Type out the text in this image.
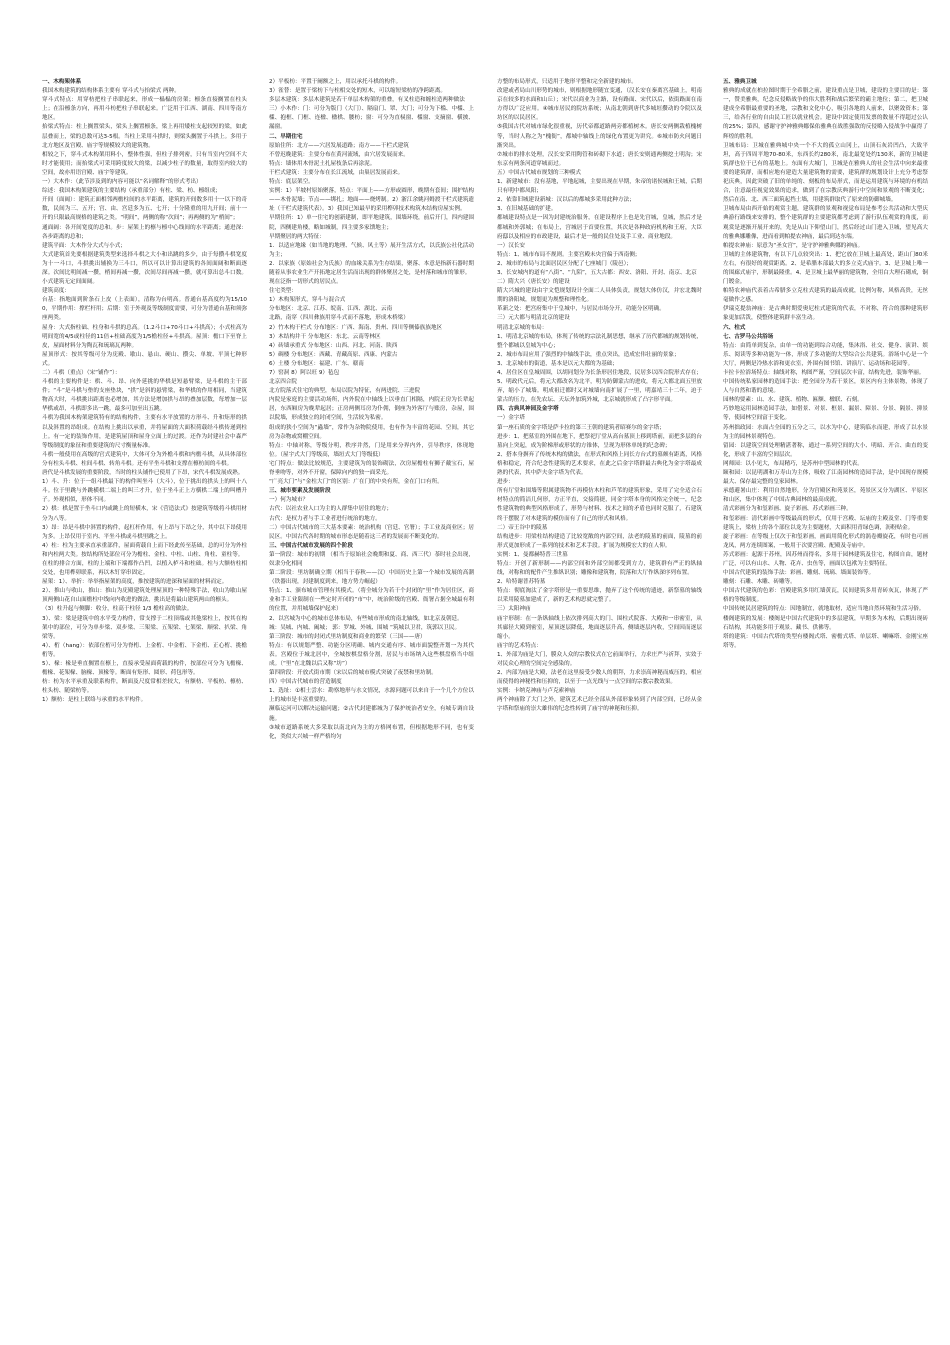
一、木构架体系

我国木构建筑的结构体系主要有 穿斗式与抬梁式 两种。

穿斗式特点：用穿枋把柱子串联起来，形成一榀榀的房架；檩条直接搁置在柱头上；在沿檩条方向，再用斗枋把柱子串联起来。广泛用于江西、湖南、四川等南方地区。

抬梁式特点：柱上搁置梁头，梁头上搁置檩条，梁上再用矮柱支起较短的梁，如此层叠而上，梁的总数可达3-5根。当柱上采用斗拱时，则梁头搁置于斗拱上。多用于北方地区及宫殿、庙宇等规模较大的建筑物。

相较之下，穿斗式木构架用料小，整体性强，但柱子排列密，只有当室内空间不大时才能使用；而抬梁式可采用跨度较大的梁，以减少柱子的数量，取得室内较大的空间，故亦用语宫殿、庙宇等建筑。

一）大木作：（此节涉及到的内容可能以“名词解释”的形式考出）

综述：我国木构架建筑的主要结构（承重部分）有柱、梁、枋、檩组成；

开间（面阔）：建筑正面相邻两檐柱间的水平距离，建筑的开间数多用十一以下的奇数，民间为三、五开；宫、由、宫廷多为五、七开；十分隆重的用九开间；前十一开的只限最高规格的建筑之类。“明间”，两侧的称“次间”；再两侧的为“梢间”；

通面阔：各开间宽度的总和。步：屋架上的檩与檩中心线间的水平距离；通进深：各步距离的总和；

建筑平面：大木作分大式与小式；

大式建筑首先要根据建筑类型来选择斗栱之大小和出跳的多少，由于每攒斗栱宽度为十一斗口，斗拱挑出辅换为三斗口，所以可以计算出建筑的各间面阔和断面逐深。次间比明间减一攒，梢间再减一攒，次间尽间再减一攒，就可算出总斗口数。小式建筑无定间面阔。

建筑高度：

台基：指地面到阶条石上皮（上表面），清称为台明高。普通台基高度约为15/100，平期作用：撑栏杆用；后期：室于外观及等级制度需要，可分为普通台基和须弥座两类。

屋身：大式指柱础、柱身和斗拱的总高。（1.2斗口+70斗口+斗拱高）；小式柱高为明间宽的4/5或柱径的11倍+柱础高度为1/5檐柱径+斗拱高。屋顶：檐口下至脊上皮，屋面材料分为陶瓦和琉璃瓦两种。

屋顶形式：按其等级可分为庑殿、歇山、悬山、硬山、攒尖、单坡、平顶七种形式。

二）斗栱（重点）（宋“铺作”）：

斗栱的主要构件是：栱、斗、昂、向外延挑的华栱是短悬臂梁，是斗栱的主干部件；“斗”是斗栱与垫的支座垫块，“拱”是斜的悬臂梁，和华栱的作用相同，当建筑物高大时，斗栱挑出距离也必增加，其方法是增加拱与昂的叠加层数，每增加一层华栱或昂，斗栱即多出一跳，最多可加至出五跳。

斗栱为我国木构架建筑特有的结构构件，主要有水平放置的方形斗、升和矩形的拱以及斜置的昂组成。在结构上挑出以承重，并将屋面的大面积荷载经斗栱传递到柱上。有一定的装饰作用，是建筑屋顶和屋身立面上的过渡。还作为封建社会中森严等级制度的象征和重要建筑的尺寸衡量标准。

斗栱一般使用在高级的官式建筑中，大体可分为外檐斗栱和内檐斗栱，从具体部位分有柱头斗栱、柱间斗栱、转角斗栱。还有平坐斗栱和支撑在檩枋间的斗栱。

唐代是斗栱发展的重要阶段，当时的柱头铺作已使用了下昂，宋代斗栱发展成熟。

1）斗、升：位于一组斗栱最下的构件叫坐斗（大斗），位于挑出的拱头上的叫十八斗。位于里跳与外跳横栱二端上的叫三才升，位于坐斗正上方横栱二端上的叫槽升子。外观相似，形体不同。

2）栱：栱是置于坐斗口内或跳上的短横木，宋《营造法式》按建筑等级将斗栱用材分为八等。

3）昂：昂是斗栱中斜置的构件，起杠杆作用，有上昂与下昂之分，其中以下昂使用为多。上昂仅用于室内、平坐斗栱或斗栱里跳之上。

4）柱：柱为主要承直承重部件，屋面荷载自上而下经此传至基础，总的可分为外柱和内柱两大类。按结构所处部位可分为檐柱、金柱、中柱、山柱、角柱、童柱等。

在柱的排合方面，柱的上端和下端都作凸凹，以植入栌斗和柱础。柱与大额枋柱相交处，也用榫卯联系，再以木钉穿串固定。

屋架：1）、举折：举举指屋架的高度，推按建筑的进深和屋面的材料而定。

2）、推山与收山，推山：推山为庑殿建筑处理屋顶的一种特殊手法，收山为歇山屋顶两侧山花自山面檐柱中线向内收进的做法，挑出是将最山建筑两山的檩头。

（3）柱升起与侧脚：收分，柱高于柱径 1/3 檐柱高的做法。

3）、梁：梁是建筑中的水平受力构件，常支撑于二柱顶端或其他梁柱上，按其在构架中的部位，可分为单步梁、双步梁、三架梁、五架梁、七架梁、顺梁、扒梁、角梁等。

4）、桁（hang）：依部位桁可分为脊桁、上金桁、中金桁、下金桁、正心桁、挑檐桁等。

5）、椽：椽是垂直搁置在檩上，直接承受屋面荷载的构件，按部位可分为飞檐椽、檐椽、花架椽、脑椽、顶椽等。断面有矩形、圆形、荷包形等。

枋：枋为水平承重及联系构件，断面及尺度常相差较大，有额枋、平板枋、檩枋、柱头枋、随梁枋等。

1）额枋：是柱上联络与承重的水平构件。

2）平板枋：平置于阑额之上，用以承托斗栱的构件。

3）雀替：是置于梁枋下与柱相交处的短木，可以缩短梁枋的净跨距离。

多层木建筑：多层木建筑是若干单层木构架的重叠，有叉柱造和缠柱造两种做法

三）小木作：门：可分为版门（大门）、隔扇门、罩、大门；可分为下槛、中槛、上槛、抱框、门框、连楹、楹栱、腰枋；窗：可分为直棂窗、槛窗、支摘窗、横披、漏窗。

二、早期住宅

原始住所：北方——穴居发展道路；南方——干栏式建筑

不曾迟晚建筑：主要分布在黄河流域，由穴居发展而来。

特点：墙体用木骨泥土扎屋枝条后再涂泥。

干栏式建筑：主要分布在长江流域，由巢居发展而来。

特点：底层架空。

实例：1）半坡村原始聚落，特点：平面上——方形或圆形，晚期有套间；围护结构——木骨泥墙；节点——绑扎；地面——烧烤制。2）浙江余姚河姆渡干栏式建筑遗址（干栏式建筑代表）。3）我国已知最早的采用榫卯技术构筑木结构房屋实例。

早期住所：1）单一住宅的创新建制，即平地建筑，围墙环绕，前后开门，四内建围院，四侧建角楼，略如城制，四主要多家馈地主；

早期聚居的两大特征：

1．以适应地缘（如当地的地理、气候、风土等）展开生活方式，以氏族公社化活动为主；

2．以家族（原始社会为氏族）的血缘关系为生存结果，聚落、本意是指新石器时期随着从事农业生产开拓地定居生活而出现的群体聚居之处，是村落和城市的雏形。

现在泛指一切形式的居民点。

住宅类型：

1）木构架形式，穿斗与混合式

分布地区：北京、江苏、皖南、江西、湖北、云南

北路，南穿（四川彝族用穿斗式而不落地，形成木桥梁）

2）竹木构干栏式 分布地区：广西、海南、贵州、四川等侧傣族族地区

3）木结构井干 分布地区：东北、云南等林区

4）砖墙承重式 分布地区：山西、河北、河南、陕西

5）碉楼 分布地区：西藏、青藏高原、西康、内蒙古

6）土楼 分布地区：福建、广东、赣南

7）窑洞 8）阿以旺 9）毡包

北京四合院

北方院落式住宅的典型，布局以院为特征，有两进院、三进院

内院是家庭的主要活动场所，内外院在中轴线上以垂直门相隔，内院正房为长辈起居，东西厢房为晚辈起居；正房两侧耳房为仆佣，倒座为外客厅与账房，杂屋，围以院墙，形成独立的封闭空间，生活较为私密。

组成的狭小空间为“蟲墙”，常作为杂物院使用，也有作为丰富的花园、空间，其它房为杂物或窝棚空间。

特点：中轴对称，等级分明，秩序井然，门是用来分界内外，引导秩序，体现地位。（屋宇式大门等级高，墙垣式大门等级低）

宅门特点：做法比较规范，主要建筑为的装饰砌法，次房屋檐柱有狮子戴宝石，屋脊垂吻等，对外不开窗，保障向内的独一面采光。

“广亮大门”与“金柱大门”的区别：广在门的中央有所，金在门口有所。

三、城市要素及发展阶段

一）何为城市？

古代：以社农业人口为主的人群集中居住的地方；

古代：是权力者与手工业者进行统治的地方。

二）中国古代城市的三大基本要素：统治机构（宫廷、官署）；手工业及商业区；居民区。中国古代各时期的城市形态是随着这三者的发展而不断变化的。

三、中国古代城市发展的四个阶段

第一阶段：城市的初期 （相当于原始社会晚期和夏、商、西三代）茶时社会出现，奴隶分化相同

第二阶段：里坊制确立期（相当于春秋——汉）中国历史上第一个城市发展的高潮（铁器出现，封建制度到来，地方势力崛起）

特点：1、颁布城市管理有其模式。（将全城分为若干个封闭的“里”作为居住区，商业和手工业限制在一些定时开闭的“市”中，统治阶级的宫殿、衙署占据全城最有利的位置，并用城墙保护起来）

2、以宫城为中心的城市总体布局，有些城市形成的南北轴线，如北京及朝廷。

城：吴城、内城、阖城； 郭：罗城、外城、围城 “筑城以卫君，筑郭以卫民。

第三阶段：城市的封闭式里坊制度和商业的繁荣（三国——唐）

特点：有以规划严整、功能分区明确、城内交通有序、城市面貌整齐划一为其代表。宫殿位于城北居中，全城按棋盘格分割，居民与市场纳入这些棋盘格当中组成。（“里”在北魏以后又称“坊”）

第四阶段：开放式街市期（宋以后的城市模式突破了夜禁和里坊制。

四）中国古代城市的营造制度

1、选址：①相土尝水：勘察地形与水文情况，水源问题可以来自于一个几个方位以上的城市是丰富重要的。

濒临运河可以解决运输问题；②古代封建都城为了保护统治者安全，有城专调自设施。

③城市道路系统大多采取以南北向为主的方格网布置，但根据地形不同，也有变化，类似大兴城一样严格均匀

方整的布局形式，只适用于地形平整和完全新建的城市。

改建或者局山川形势的城市，则根据地形随宜变通，（汉长安在秦离宫基础上，明南京在较多的水面和山丘）；宋代以商业为主路，设有路面、宋代以后，依街路面在南方得以广泛应用。④城市居民的院坊系统；从南北朝到唐代多城垣攒动的令院以及坊区的以民居区。

⑤我国古代对城市绿化很重视，历代帝都道路两旁都植树木。唐长安两侧栽植槐树等，当时人称之为“槐衙”，都城中轴线上的绿化布置更为讲究。⑥城市防火问题日渐突出。

⑦城市的排水处理，汉长安采用陶管和砖砌下水道；唐长安则通两侧挖土明沟；宋东京有两条河道穿城而过。

五）中国古代城市规划的三种模式

1、新建城市：没有基地，平地起城，主要出现在早期，朱帝的诸侯城和王城，后期只有明中都凤阳；

2、依靠旧城建设新城：汉以后的都城多采用此种方法；

3、在旧城基础的扩建。

都城建设特点是一因为封建统治服务，在建设程序上也是先宫城，皇城，然后才是都城和外郭城；在布局上，宫城居于首要位置，其次是各种政府机构和王府，大臣府邸以及相应的市政建设，最后才是一般的民住处及手工业、商业地段。

一）汉长安

特点：1、城市布局不规则。主要宫殿未央宫偏于西南侧；

2、城市的布局与北面居民区分配了七座城门（陵邑）；

3、长安城内的道有“八街”、“九陌”，五大古都：西安、洛阳、开封、南京、北京

二）隋大兴（唐长安）的建设

隋大兴城的建设由宇文恺规划设计全面二人具体负责，规划大体仿汉，并宏北魏时期的洛阳城，规划更为规整和理性化。

革新之处：把宫府集中于皇城中，与居民市场分开，功能分区明确。

三）元大都与明清北京的建设

明清北京城的布局：

1、明清北京城的布局，体现了传统的宗法礼制思想，继承了历代都城的规划传统，整个都城以皇城为中心；

2、城市布局应用了强烈的中轴线手法，重点突出，造成宏伟壮丽的景象；

3、北京城市的街道，基本是以元大都的为基础；

4、居住区在皇城周围，以胡同划分为长条形居住地段，民居多以四合院形式存在；

5、明政代元后，将元大都改名为北平，明为防御蒙古的进攻，将元大都北面五里放弃，缩小了城墙。明成祖迁都时又对城墙向南扩展了一里，明嘉靖三十二年，迫于蒙古的压力，在先农坛、天坛外加筑外城，北京城就形成了凸字形平面。

四、古典风神园及金字塔

一）金字塔

第一座石质的金字塔是萨卡拉的第三王朝的建筑者昭赛尔的金字塔；

进步：1、把墓室的外围在地下，把祭祀厅堂从高台墓顶上移到塔前，而把多层的台墓向上突起，成为阶梯形或形状的方锥体，呈现为形体单纯的纪念碑；

2、搭本身摒弃了传统木构的做法，在形式和风格上同长方台式的墓颇有距离，风格格和稳定，符合纪念性建筑的艺术要求，在此之后金字塔群最古典化为金字塔最成熟的代表，其中萨夫金字塔为代表。

进步：

所有厅堂和围墙等附属建筑物不再模仿木柱和芦苇的建筑形象，采用了完全适合石材特点的简洁几何形，方正平直，交接简捷，同金字塔本身的风格完全统一，纪念性建筑物的典型风格形成了，形势与材料、技术之间的矛盾也同时克服了，石建筑终于摆脱了对木建筑的模仿而有了自己的形式和风格。

二）帝王谷中的陵墓

结构进步：用梁柱结构建造了比较宽敞的内部空间，法老的陵墓的前面，陵墓的前形式更加形成了一系列的技术和艺术手段。扩展为规模宏大的在人仰。

实例：1、曼都赫特普三世墓

特点：开创了新形制——内部空间和外部空间都受到方力，建筑群有严正的纵轴线，对称和的配件产生推纵识别；雕像和建筑物，院落和大厅作纵深序列布置。

2、哈特谢普苏特墓

特点：彻底淘汰了金字塔形是一重要思维，抛弃了这个传统的遗迹，新祭墓的轴线以采用陵墓加建成了，新的艺术构思就完整了。

三）太阳神庙

庙宇形制：在一条纵轴线上依次排列高大的门、围柱式院落、大殿和一串密室，从其廊径大殿到密室，屋顶逐层降低，地面逐层升高，侧墙逐层内收，空间因而逐层缩小。

庙宇的艺术特点：

1、外部为庙是大门，膜众人众的宗教仪式在它前面举行，力求庄严与祈拜，实效于对民众心理的空间完全感染的。

2、内部为庙是大殿，法老在这里接受少数人的朝拜，力求崇高神秘而威压的，相应而使得的神秘性和压抑的，以至于一点光线与一点空间的宗教宗教效果。

实例：卡纳克神庙与卢克索神庙

两个神庙除了大门之外，建筑艺术已经全部从外部形象转到了内部空间，已经从金字塔和祭庙的崇大雄伟的纪念性转到了庙宇的神秘和压抑。

五、雅典卫城

雅典的成就在柏拉图时期于全希腊之前，建设重点是卫城，建设的主要目的是：第一，赞美雅典，纪念反侵略战争的伟大胜利和战后繁荣的霸主地位；第二，把卫城建成全希腊最重要的圣地，宗教和文化中心，吸引各地的人前来，以聚敛资本；第三，给各行业的自由民工匠以就业机会。建设中固定使用发票的数量不得超过公认的25%；第四，感谢守护神雅典娜保佑雅典在战胜强敌的反侵略入侵战争中赢得了辉煌的胜利。

卫城布局：卫城在雅典城中央一个不大的孤立山冈上，山顶石灰岩凹凸，大致平坦，高于四周平地70-80米，东西长约280米，南北最宽处约130米，新的卫城建筑群也位于已有的基地上。东面有大城门，卫城是在雅典人的社会生活中向来最重要的建筑群，而相应地有建造大量建筑物的需要，建筑群的规划设计上充分考虑祭祀庆典，因此突破了旧的单纯的、刻板的布局形式，而是运用建筑与环境的有机结合，注意最佳视觉效果的追求，做到了在宗教庆典游行中空间和景观的不断变化；然后在南、北、西三面筑起挡土墙，用建筑群取代了原来的防御城墙。

卫城布局由西开始的观赏主题，建筑群的景观和视觉布局是参考公共活动和大型庆典游行路线来安排的，整个建筑群的主要建筑都考虑到了游行队伍观赏的角度，而观赏是逐渐开展开来的，先是从山下仰望山门，然后经过山门进入卫城，望见高大的雅典娜雕像，进而看到帕提农神庙，最后到达东端。

帕提农神庙：原意为“圣女宫”，是守护神雅典娜的神庙。

卫城的主体建筑物，有以下几点较突出：1、把它放在卫城上最高处，距山门80米左右，有很好的观赏距离。2、是希腊本部最大的多立克式庙宇。3、是卫城上唯一的围廊式庙宇，形制最隆重。4、是卫城上最华丽的建筑物，全用白大理石砌成，铜门镀金。

帕特农神庙代表着古希腊多立克柱式建筑的最高成就，比例匀称，风格高贵，无丝毫做作之感。

伊瑞克提翁神庙：是古典时期爱奥尼柱式建筑的代表，不对称，符合的那种建筑形象更加活泼，使整体建筑群丰富生动。

六、柱式

七、古罗马公共浴场

特点：由简单到复杂，由单一的功能到综合功能，集沐浴、社交、健身、演讲、娱乐、阅读等多种功能为一体，形成了多功能的大型综合公共建筑。浴场中心是一个大厅，两侧是冷热水浴和更衣室，外围有图书馆、讲演厅、运动场和花园等。

卡拉卡拉浴场特点：轴线对称，构图严谨，空间层次丰富，结构先进，装饰华丽。

中国传统私家园林的造园手法：把全园分为若干景区，景区内有主体景物，体现了人与自然和谐的意境。

园林的要素：山、水、建筑、植物、匾额、楹联、石刻。

巧妙地运用园林造园手法，如借景、对景、框景、漏景、障景、分景、隔景、抑景等，使园林空间富于变化。

苏州拙政园：水面占全园的五分之三，以水为中心，建筑临水而建，形成了以水景为主的园林景观特色。

留园：以建筑空间处理精湛著称，通过一系列空间的大小、明暗、开合、曲直的变化，形成了丰富的空间层次。

网师园：以小见大，布局精巧，是苏州中型园林的代表。

颐和园：以昆明湖和万寿山为主体，吸收了江南园林的造园手法，是中国现存规模最大、保存最完整的皇家园林。

承德避暑山庄：利用自然地形，分为宫殿区和苑景区，苑景区又分为湖区、平原区和山区，集中体现了中国古典园林的最高成就。

清式彩画分为和玺彩画、旋子彩画、苏式彩画三种。

和玺彩画：清代彩画中等级最高的形式，仅用于宫殿、坛庙的主殿及堂、门等重要建筑上，梁枋上的各个部位以龙为主要题材，大面积用青绿色调，沥粉贴金。

旋子彩画：在等级上仅次于和玺彩画，画面用简化形式的涡卷瓣旋花，有时也可画龙凤，两方连续图案，一般用于次要宫殿、配殿及寺庙中。

苏式彩画：起源于苏州，因苏州而得名，多用于园林建筑及住宅，构图自由，题材广泛，可以有山水、人物、花卉、虫鱼等，画面以包袱为主要特征。

中国古代建筑的装饰手法：彩画、雕刻、琉璃、墙面装饰等。

雕刻：石雕、木雕、砖雕等。

中国古代建筑的色彩：宫殿建筑多用红墙黄瓦，民间建筑多用青砖灰瓦，体现了严格的等级制度。

中国传统民居建筑的特点：因地制宜，就地取材，适应当地自然环境和生活习俗。

楼阁建筑的发展：楼阁是中国古代建筑中的多层建筑，早期多为木构，后期出现砖石结构，其功能多用于观景、藏书、供佛等。

塔的建筑：中国古代塔的类型有楼阁式塔、密檐式塔、单层塔、喇嘛塔、金刚宝座塔等。
